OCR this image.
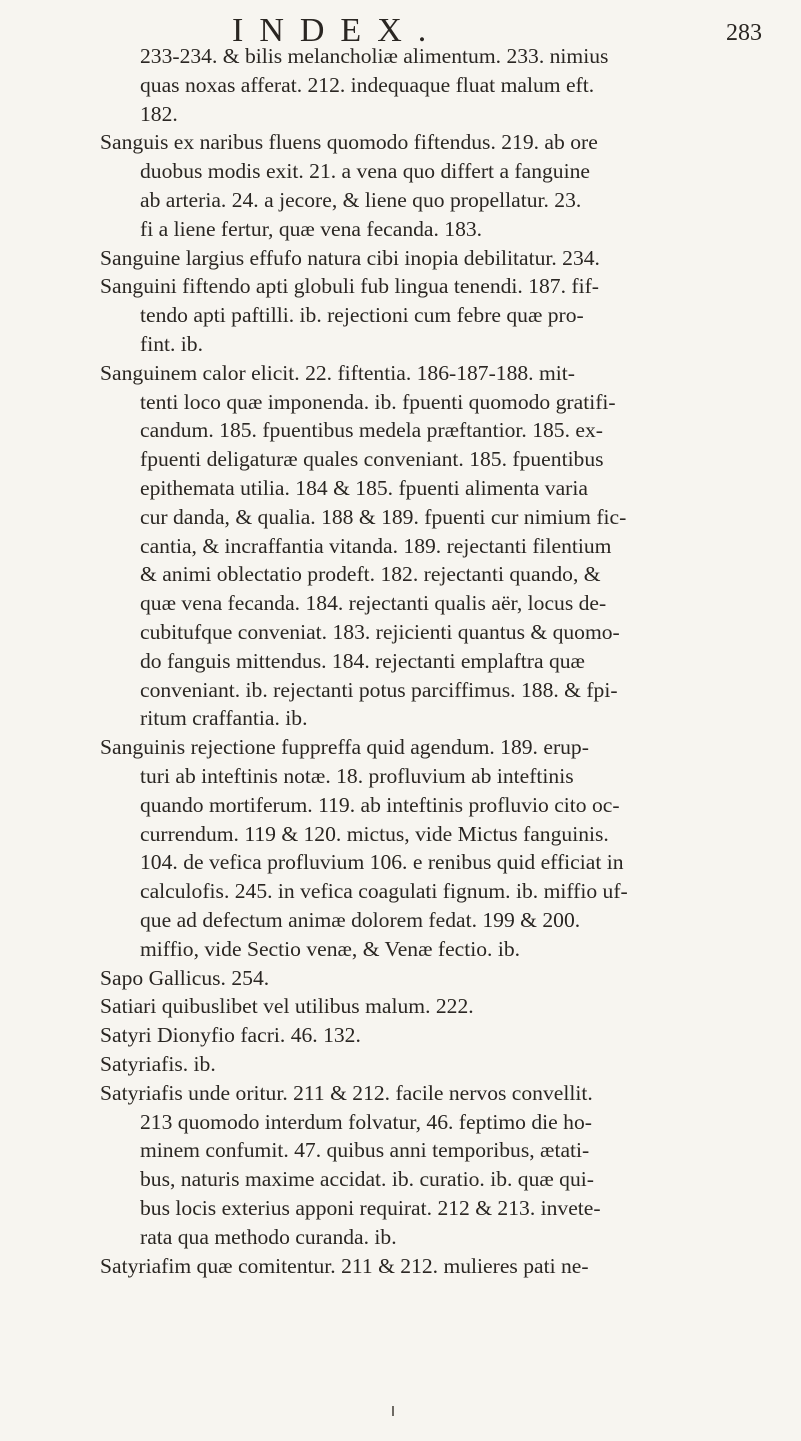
INDEX.	283
233-234. & bilis melancholiæ alimentum. 233. nimius
quas noxas afferat. 212. indequaque fluat malum eft.
182.
Sanguis ex naribus fluens quomodo fiftendus. 219. ab ore
duobus modis exit. 21. a vena quo differt a fanguine
ab arteria. 24. a jecore, & liene quo propellatur. 23.
fi a liene fertur, quæ vena fecanda. 183.
Sanguine largius effufo natura cibi inopia debilitatur. 234.
Sanguini fiftendo apti globuli fub lingua tenendi. 187. fif-
tendo apti paftilli. ib. rejectioni cum febre quæ pro-
fint. ib.
Sanguinem calor elicit. 22. fiftentia. 186-187-188. mit-
tenti loco quæ imponenda. ib. fpuenti quomodo gratifi-
candum. 185. fpuentibus medela præftantior. 185. ex-
fpuenti deligaturæ quales conveniant. 185. fpuentibus
epithemata utilia. 184 & 185. fpuenti alimenta varia
cur danda, & qualia. 188 & 189. fpuenti cur nimium fic-
cantia, & incraffantia vitanda. 189. rejectanti filentium
& animi oblectatio prodeft. 182. rejectanti quando, &
quæ vena fecanda. 184. rejectanti qualis aër, locus de-
cubitufque conveniat. 183. rejicienti quantus & quomo-
do fanguis mittendus. 184. rejectanti emplaftra quæ
conveniant. ib. rejectanti potus parciffimus. 188. & fpi-
ritum craffantia. ib.
Sanguinis rejectione fuppreffa quid agendum. 189. erup-
turi ab inteftinis notæ. 18. profluvium ab inteftinis
quando mortiferum. 119. ab inteftinis profluvio cito oc-
currendum. 119 & 120. mictus, vide Mictus fanguinis.
104. de vefica profluvium 106. e renibus quid efficiat in
calculofis. 245. in vefica coagulati fignum. ib. miffio uf-
que ad defectum animæ dolorem fedat. 199 & 200.
miffio, vide Sectio venæ, & Venæ fectio. ib.
Sapo Gallicus. 254.
Satiari quibuslibet vel utilibus malum. 222.
Satyri Dionyfio facri. 46. 132.
Satyriafis. ib.
Satyriafis unde oritur. 211 & 212. facile nervos convellit.
213 quomodo interdum folvatur, 46. feptimo die ho-
minem confumit. 47. quibus anni temporibus, ætati-
bus, naturis maxime accidat. ib. curatio. ib. quæ qui-
bus locis exterius apponi requirat. 212 & 213. invete-
rata qua methodo curanda. ib.
Satyriafim quæ comitentur. 211 & 212. mulieres pati ne-
